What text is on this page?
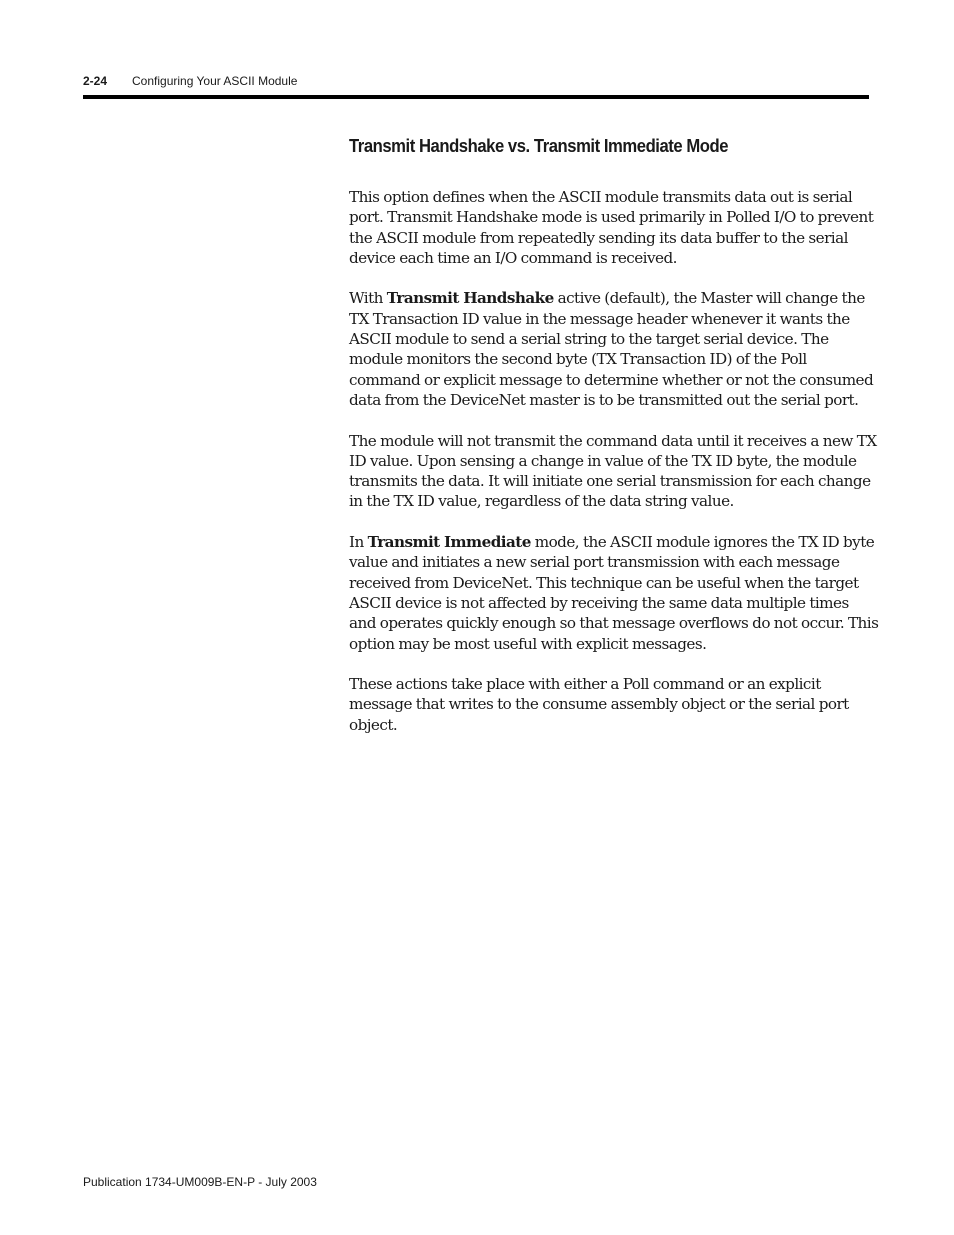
2-24 Configuring Your ASCII Module
Transmit Handshake vs. Transmit Immediate Mode

This option defines when the ASCII module transmits data out is serial port. Transmit Handshake mode is used primarily in Polled I/O to prevent the ASCII module from repeatedly sending its data buffer to the serial device each time an I/O command is received.

With Transmit Handshake active (default), the Master will change the TX Transaction ID value in the message header whenever it wants the ASCII module to send a serial string to the target serial device. The module monitors the second byte (TX Transaction ID) of the Poll command or explicit message to determine whether or not the consumed data from the DeviceNet master is to be transmitted out the serial port.

The module will not transmit the command data until it receives a new TX ID value. Upon sensing a change in value of the TX ID byte, the module transmits the data. It will initiate one serial transmission for each change in the TX ID value, regardless of the data string value.

In Transmit Immediate mode, the ASCII module ignores the TX ID byte value and initiates a new serial port transmission with each message received from DeviceNet. This technique can be useful when the target ASCII device is not affected by receiving the same data multiple times and operates quickly enough so that message overflows do not occur. This option may be most useful with explicit messages.

These actions take place with either a Poll command or an explicit message that writes to the consume assembly object or the serial port object.

Publication 1734-UM009B-EN-P - July 2003
